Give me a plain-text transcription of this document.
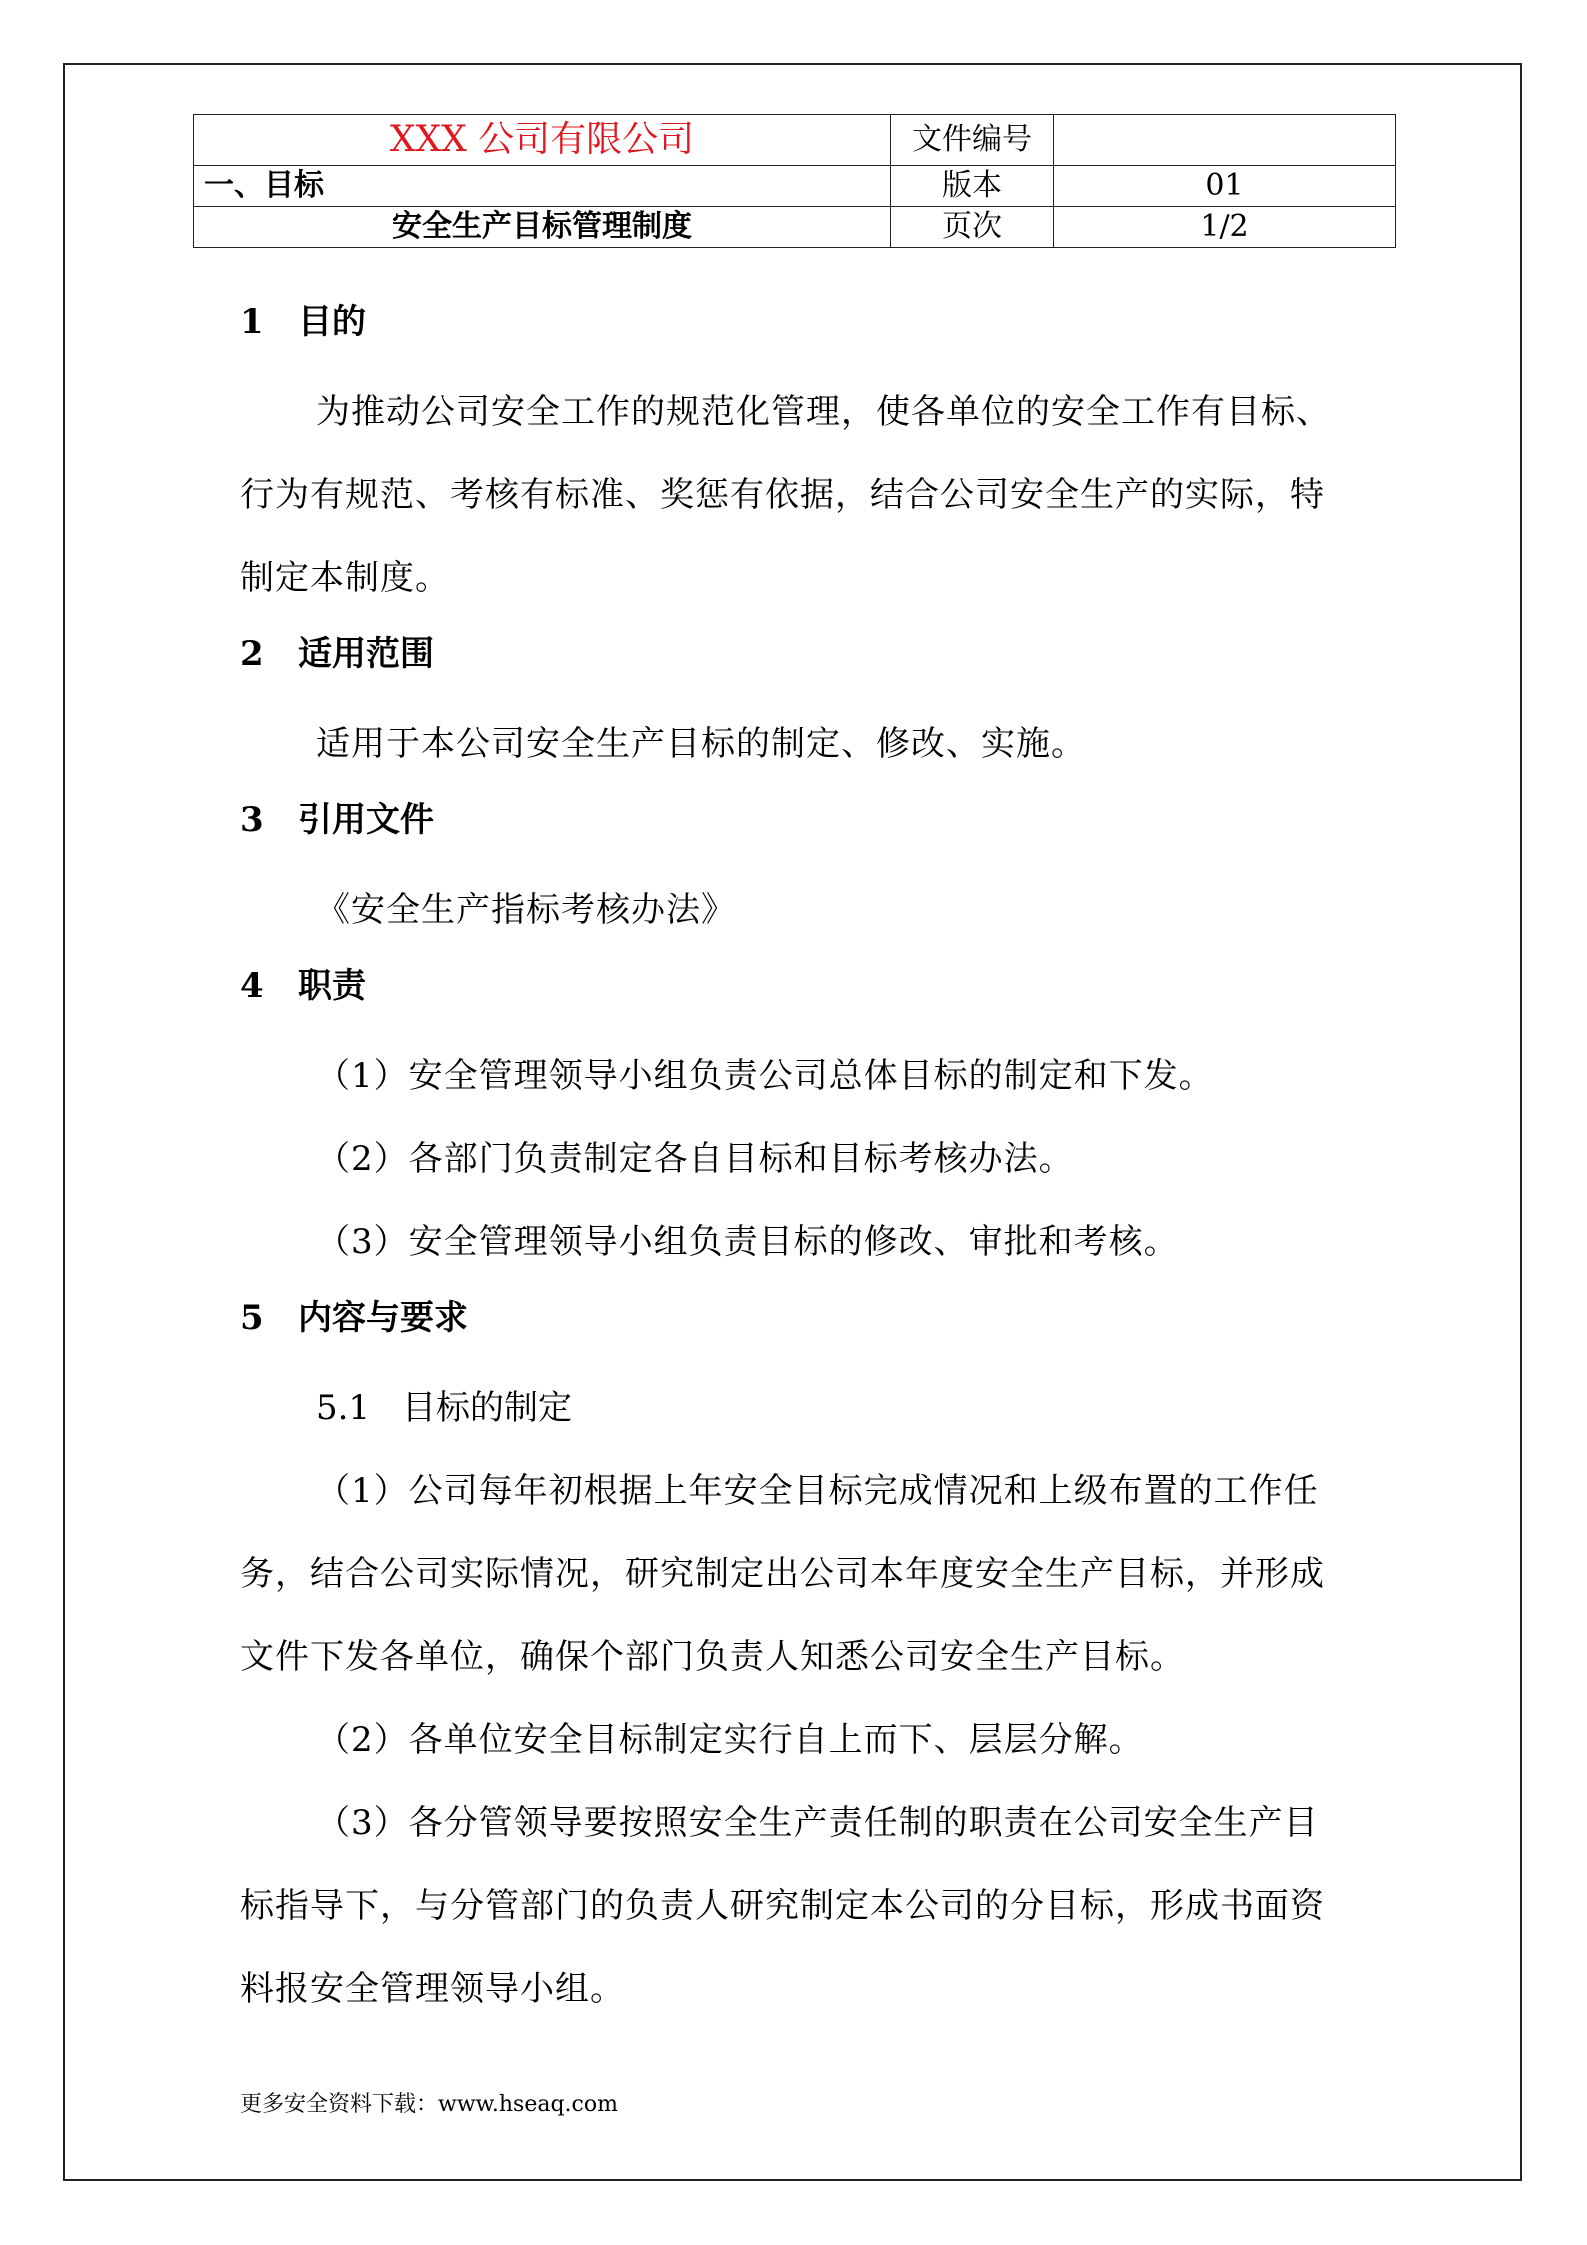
XXX 公司有限公司	文件编号	
一、目标	版本	01
安全生产目标管理制度	页次	1/2
1 目的
为推动公司安全工作的规范化管理，使各单位的安全工作有目标、行为有规范、考核有标准、奖惩有依据，结合公司安全生产的实际，特制定本制度。
2 适用范围
适用于本公司安全生产目标的制定、修改、实施。
3 引用文件
《安全生产指标考核办法》
4 职责
（1）安全管理领导小组负责公司总体目标的制定和下发。
（2）各部门负责制定各自目标和目标考核办法。
（3）安全管理领导小组负责目标的修改、审批和考核。
5 内容与要求
5.1 目标的制定
（1）公司每年初根据上年安全目标完成情况和上级布置的工作任务，结合公司实际情况，研究制定出公司本年度安全生产目标，并形成文件下发各单位，确保个部门负责人知悉公司安全生产目标。
（2）各单位安全目标制定实行自上而下、层层分解。
（3）各分管领导要按照安全生产责任制的职责在公司安全生产目标指导下，与分管部门的负责人研究制定本公司的分目标，形成书面资料报安全管理领导小组。
更多安全资料下载：www.hseaq.com
